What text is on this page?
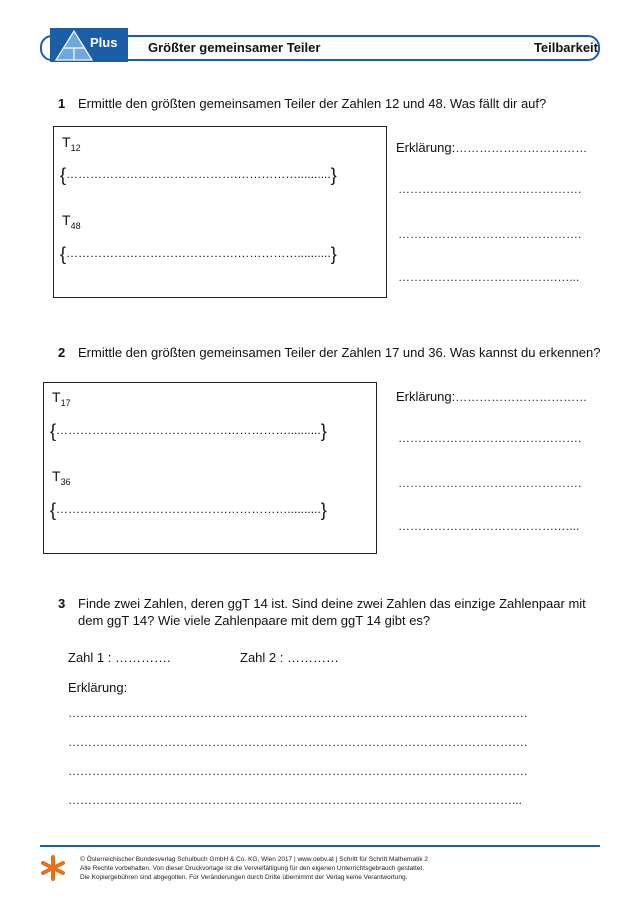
Plus Größter gemeinsamer Teiler	Teilbarkeit
1 Ermittle den größten gemeinsamen Teiler der Zahlen 12 und 48. Was fällt dir auf?
$T_{12}$
{…………………………………….……………..........}
$T_{48}$
{…………………………………….……………..........}
Erklärung:……………………………
……………………………………….
……………………………………….
………………………………….…...
2 Ermittle den größten gemeinsamen Teiler der Zahlen 17 und 36. Was kannst du erkennen?
$T_{17}$
{…………………………………….……………..........}
$T_{36}$
{…………………………………….……………..........}
Erklärung:……………………………
……………………………………….
……………………………………….
………………………………….…...
3 Finde zwei Zahlen, deren ggT 14 ist. Sind deine zwei Zahlen das einzige Zahlenpaar mit
dem ggT 14? Wie viele Zahlenpaare mit dem ggT 14 gibt es?
Zahl 1 : ………….	Zahl 2 : …………
Erklärung:
…………………………………………………………………………………………………….
…………………………………………………………………………………………………….
…………………………………………………………………………………………………….
…………………………………………………………………………………………………...
© Österreichischer Bundesverlag Schulbuch GmbH & Co. KG, Wien 2017 | www.oebv.at | Schritt für Schritt Mathematik 2
Alle Rechte vorbehalten. Von dieser Druckvorlage ist die Vervielfältigung für den eigenen Unterrichtsgebrauch gestattet.
Die Kopiergebühren sind abgegolten. Für Veränderungen durch Dritte übernimmt der Verlag keine Verantwortung.
